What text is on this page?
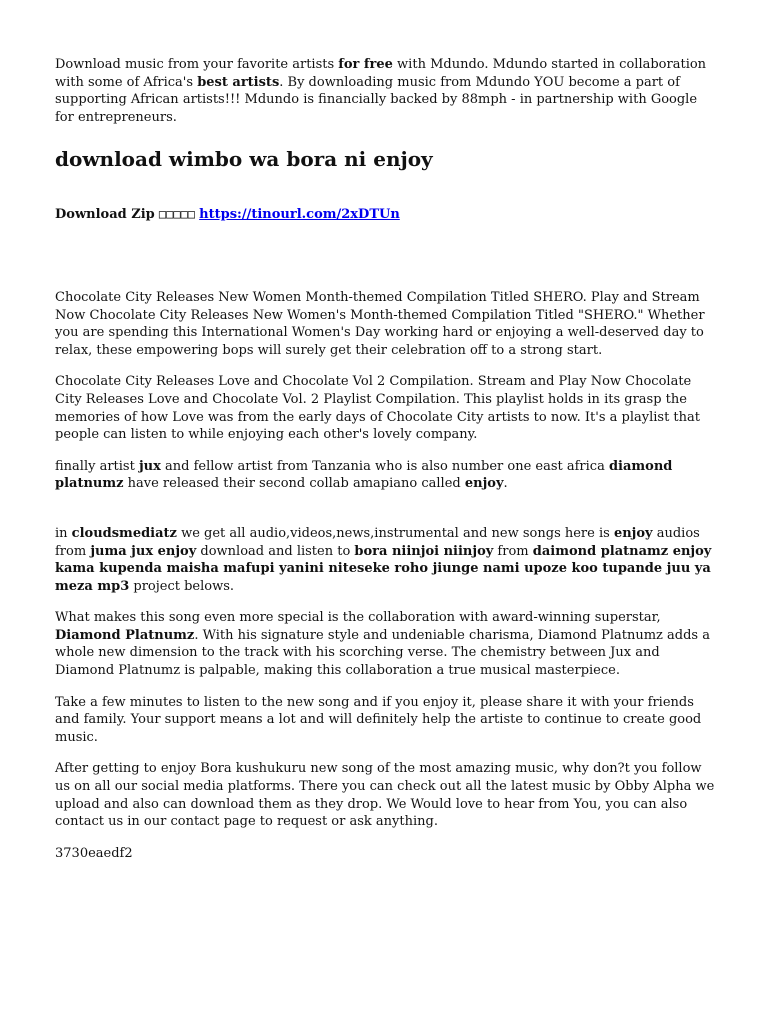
Download music from your favorite artists for free with Mdundo. Mdundo started in collaboration with some of Africa's best artists. By downloading music from Mdundo YOU become a part of supporting African artists!!! Mdundo is financially backed by 88mph - in partnership with Google for entrepreneurs.

download wimbo wa bora ni enjoy

Download Zip □□□□□ https://tinourl.com/2xDTUn

Chocolate City Releases New Women Month-themed Compilation Titled SHERO. Play and Stream Now Chocolate City Releases New Women's Month-themed Compilation Titled "SHERO." Whether you are spending this International Women's Day working hard or enjoying a well-deserved day to relax, these empowering bops will surely get their celebration off to a strong start.

Chocolate City Releases Love and Chocolate Vol 2 Compilation. Stream and Play Now Chocolate City Releases Love and Chocolate Vol. 2 Playlist Compilation. This playlist holds in its grasp the memories of how Love was from the early days of Chocolate City artists to now. It's a playlist that people can listen to while enjoying each other's lovely company.

finally artist jux and fellow artist from Tanzania who is also number one east africa diamond platnumz have released their second collab amapiano called enjoy.

in cloudsmediatz we get all audio,videos,news,instrumental and new songs here is enjoy audios from juma jux enjoy download and listen to bora niinjoi niinjoy from daimond platnamz enjoy kama kupenda maisha mafupi yanini niteseke roho jiunge nami upoze koo tupande juu ya meza mp3 project belows.

What makes this song even more special is the collaboration with award-winning superstar, Diamond Platnumz. With his signature style and undeniable charisma, Diamond Platnumz adds a whole new dimension to the track with his scorching verse. The chemistry between Jux and Diamond Platnumz is palpable, making this collaboration a true musical masterpiece.

Take a few minutes to listen to the new song and if you enjoy it, please share it with your friends and family. Your support means a lot and will definitely help the artiste to continue to create good music.

After getting to enjoy Bora kushukuru new song of the most amazing music, why don?t you follow us on all our social media platforms. There you can check out all the latest music by Obby Alpha we upload and also can download them as they drop. We Would love to hear from You, you can also contact us in our contact page to request or ask anything.

3730eaedf2
